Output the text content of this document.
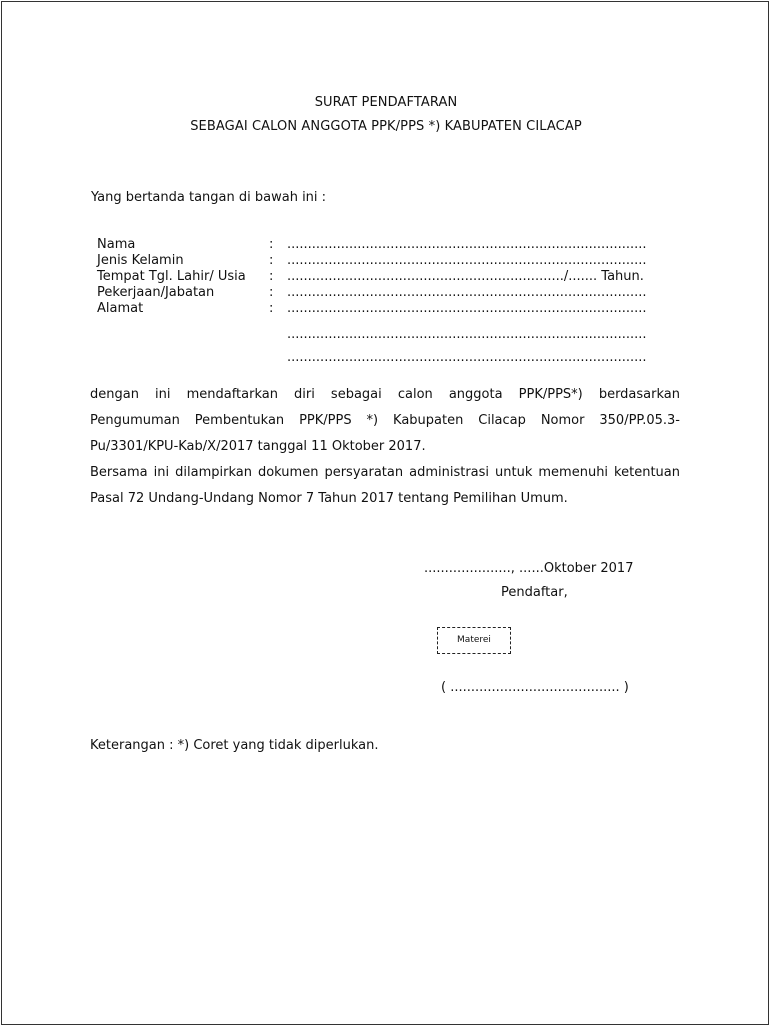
SURAT PENDAFTARAN
SEBAGAI CALON ANGGOTA PPK/PPS *) KABUPATEN CILACAP
Yang bertanda tangan di bawah ini :
Nama	: .......................................................................................
Jenis Kelamin	: .......................................................................................
Tempat Tgl. Lahir/ Usia : .................................................................../....... Tahun.
Pekerjaan/Jabatan	: .......................................................................................
Alamat	: .......................................................................................
.......................................................................................
.......................................................................................
dengan ini mendaftarkan diri sebagai calon anggota PPK/PPS*) berdasarkan
Pengumuman Pembentukan PPK/PPS *) Kabupaten Cilacap Nomor 350/PP.05.3-
Pu/3301/KPU-Kab/X/2017 tanggal 11 Oktober 2017.
Bersama ini dilampirkan dokumen persyaratan administrasi untuk memenuhi ketentuan
Pasal 72 Undang-Undang Nomor 7 Tahun 2017 tentang Pemilihan Umum.
....................., ......Oktober 2017
Pendaftar,
Materei
( ......................................... )
Keterangan : *) Coret yang tidak diperlukan.
